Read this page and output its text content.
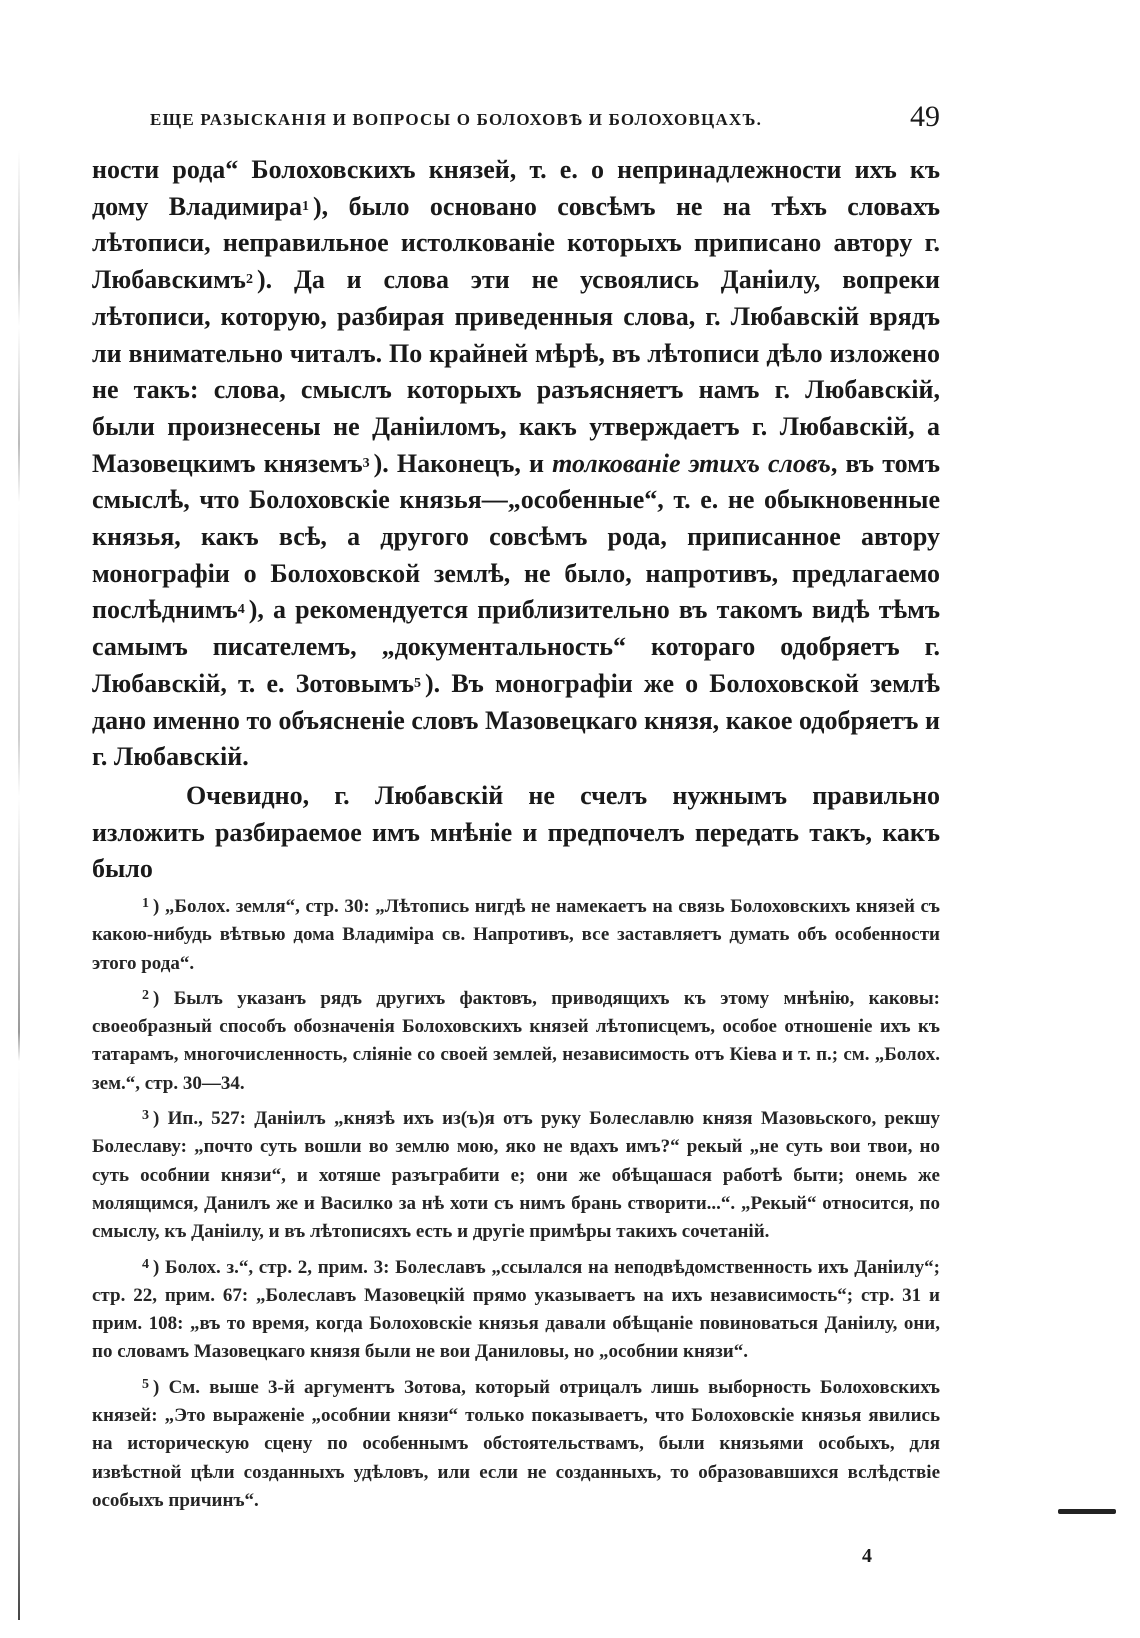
ЕЩЕ РАЗЫСКАНІЯ И ВОПРОСЫ О БОЛОХОВѢ И БОЛОХОВЦАХЪ.	49

ности рода“ Болоховскихъ князей, т. е. о непринадлежности ихъ къ дому Владимира$^1$ ), было основано совсѣмъ не на тѣхъ словахъ лѣтописи, неправильное истолкованіе которыхъ приписано автору г. Любавскимъ$^2$ ). Да и слова эти не усвоялись Даніилу, вопреки лѣтописи, которую, разбирая приведенныя слова, г. Любавскій врядъ ли внимательно читалъ. По крайней мѣрѣ, въ лѣтописи дѣло изложено не такъ: слова, смыслъ которыхъ разъясняетъ намъ г. Любавскій, были произнесены не Даніиломъ, какъ утверждаетъ г. Любавскій, а Мазовецкимъ княземъ$^3$ ). Наконецъ, и толкованіе этихъ словъ, въ томъ смыслѣ, что Болоховскіе князья—„особенные“, т. е. не обыкновенные князья, какъ всѣ, а другого совсѣмъ рода, приписанное автору монографіи о Болоховской землѣ, не было, напротивъ, предлагаемо послѣднимъ$^4$ ), а рекомендуется приблизительно въ такомъ видѣ тѣмъ самымъ писателемъ, „документальность“ котораго одобряетъ г. Любавскій, т. е. Зотовымъ$^5$ ). Въ монографіи же о Болоховской землѣ дано именно то объясненіе словъ Мазовецкаго князя, какое одобряетъ и г. Любавскій.

Очевидно, г. Любавскій не счелъ нужнымъ правильно изложить разбираемое имъ мнѣніе и предпочелъ передать такъ, какъ было

$^1$ ) „Болох. земля“, стр. 30: „Лѣтопись нигдѣ не намекаетъ на связь Болоховскихъ князей съ какою-нибудь вѣтвью дома Владиміра св. Напротивъ, все заставляетъ думать объ особенности этого рода“.

$^2$ ) Былъ указанъ рядъ другихъ фактовъ, приводящихъ къ этому мнѣнію, каковы: своеобразный способъ обозначенія Болоховскихъ князей лѣтописцемъ, особое отношеніе ихъ къ татарамъ, многочисленность, сліяніе со своей землей, независимость отъ Кіева и т. п.; см. „Болох. зем.“, стр. 30—34.

$^3$ ) Ип., 527: Даніилъ „князѣ ихъ из(ъ)я отъ руку Болеславлю князя Мазовьского, рекшу Болеславу: „почто суть вошли во землю мою, яко не вдахъ имъ?“ рекый „не суть вои твои, но суть особнии князи“, и хотяше разъграбити е; они же обѣщашася работѣ быти; онемь же молящимся, Данилъ же и Василко за нѣ хоти съ нимъ брань створити...“. „Рекый“ относится, по смыслу, къ Даніилу, и въ лѣтописяхъ есть и другіе примѣры такихъ сочетаній.

$^4$ ) Болох. з.“, стр. 2, прим. 3: Болеславъ „ссылался на неподвѣдомственность ихъ Даніилу“; стр. 22, прим. 67: „Болеславъ Мазовецкій прямо указываетъ на ихъ независимость“; стр. 31 и прим. 108: „въ то время, когда Болоховскіе князья давали обѣщаніе повиноваться Даніилу, они, по словамъ Мазовецкаго князя были не вои Даниловы, но „особнии князи“.

$^5$ ) См. выше 3-й аргументъ Зотова, который отрицалъ лишь выборность Болоховскихъ князей: „Это выраженіе „особнии князи“ только показываетъ, что Болоховскіе князья явились на историческую сцену по особеннымъ обстоятельствамъ, были князьями особыхъ, для извѣстной цѣли созданныхъ удѣловъ, или если не созданныхъ, то образовавшихся вслѣдствіе особыхъ причинъ“.

4
